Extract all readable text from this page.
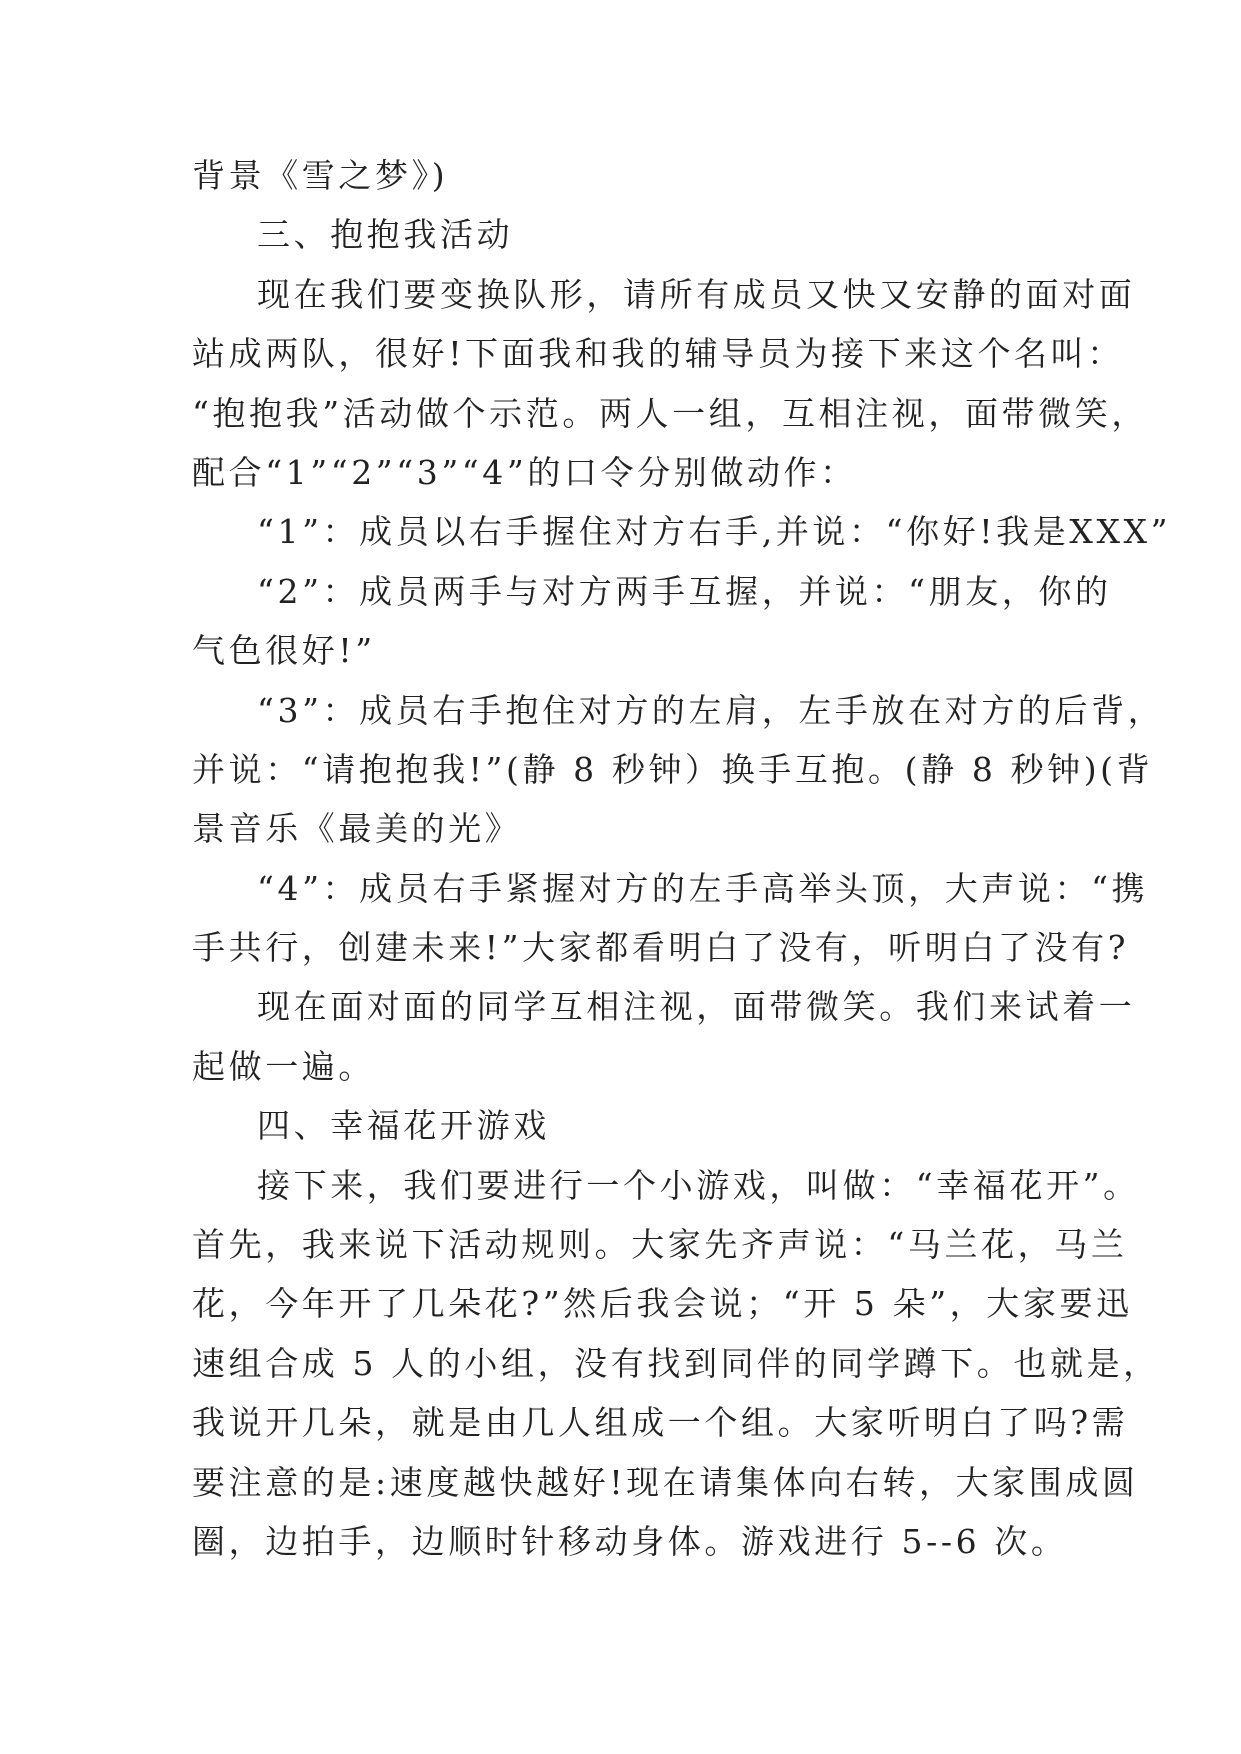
背景《雪之梦》)
三、抱抱我活动
现在我们要变换队形，请所有成员又快又安静的面对面
站成两队，很好!下面我和我的辅导员为接下来这个名叫：
“抱抱我”活动做个示范。两人一组，互相注视，面带微笑，
配合“1”“2”“3”“4”的口令分别做动作：
“1”：成员以右手握住对方右手,并说：“你好!我是XXX”
“2”：成员两手与对方两手互握，并说：“朋友，你的
气色很好!”
“3”：成员右手抱住对方的左肩，左手放在对方的后背，
并说：“请抱抱我!”(静 8 秒钟）换手互抱。(静 8 秒钟)(背
景音乐《最美的光》
“4”：成员右手紧握对方的左手高举头顶，大声说：“携
手共行，创建未来!”大家都看明白了没有，听明白了没有?
现在面对面的同学互相注视，面带微笑。我们来试着一
起做一遍。
四、幸福花开游戏
接下来，我们要进行一个小游戏，叫做：“幸福花开”。
首先，我来说下活动规则。大家先齐声说：“马兰花，马兰
花，今年开了几朵花?”然后我会说；“开 5 朵”，大家要迅
速组合成 5 人的小组，没有找到同伴的同学蹲下。也就是，
我说开几朵，就是由几人组成一个组。大家听明白了吗?需
要注意的是:速度越快越好!现在请集体向右转，大家围成圆
圈，边拍手，边顺时针移动身体。游戏进行 5--6 次。
